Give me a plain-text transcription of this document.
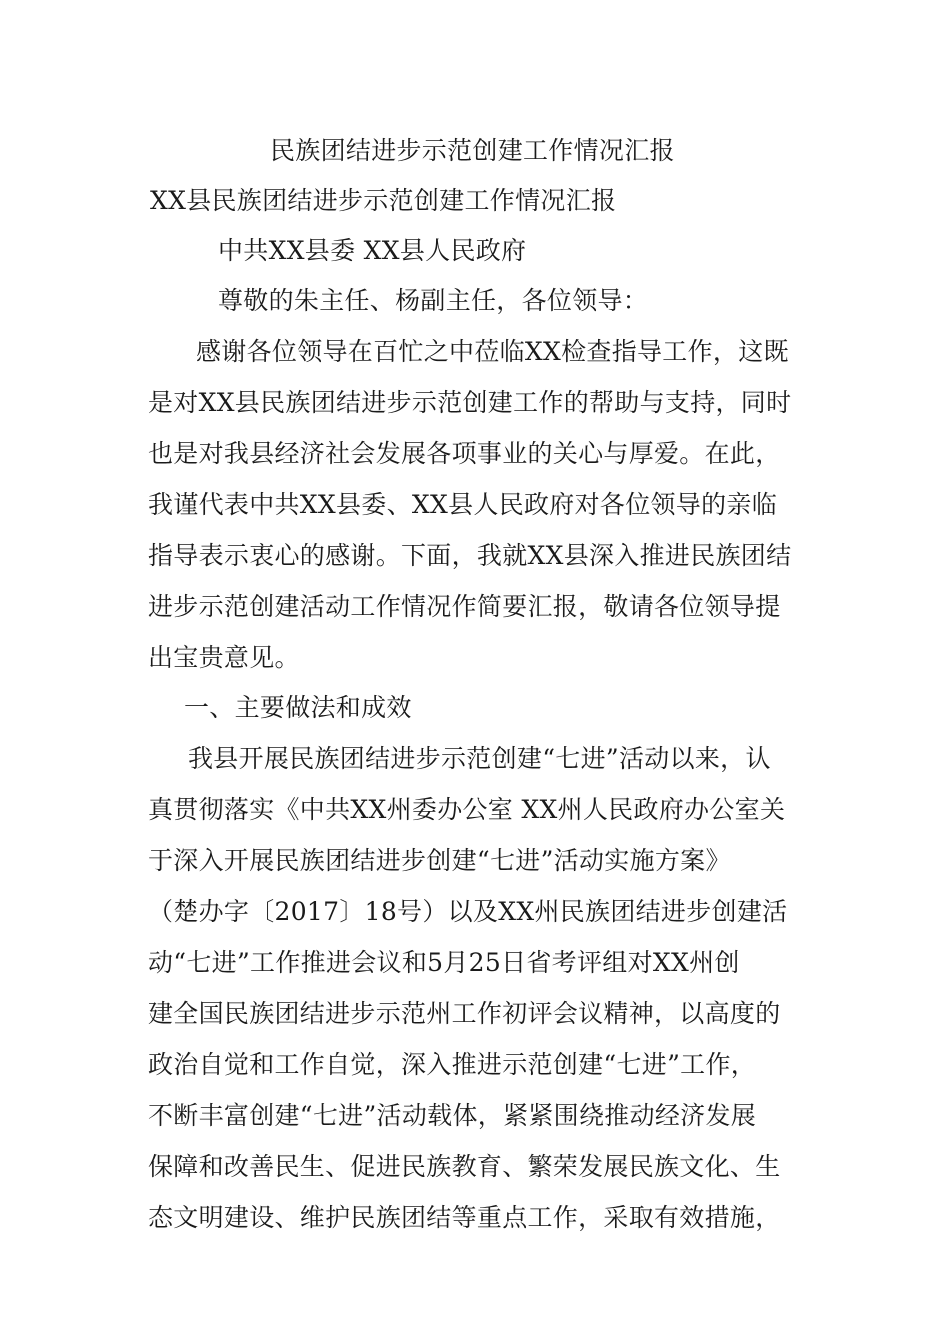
民族团结进步示范创建工作情况汇报
XX县民族团结进步示范创建工作情况汇报
中共XX县委 XX县人民政府
尊敬的朱主任、杨副主任，各位领导：
感谢各位领导在百忙之中莅临XX检查指导工作，这既
是对XX县民族团结进步示范创建工作的帮助与支持，同时
也是对我县经济社会发展各项事业的关心与厚爱。在此，
我谨代表中共XX县委、XX县人民政府对各位领导的亲临
指导表示衷心的感谢。下面，我就XX县深入推进民族团结
进步示范创建活动工作情况作简要汇报，敬请各位领导提
出宝贵意见。
一、主要做法和成效
我县开展民族团结进步示范创建“七进”活动以来，认
真贯彻落实《中共XX州委办公室 XX州人民政府办公室关
于深入开展民族团结进步创建“七进”活动实施方案》
（楚办字〔2017〕18号）以及XX州民族团结进步创建活
动“七进”工作推进会议和5月25日省考评组对XX州创
建全国民族团结进步示范州工作初评会议精神，以高度的
政治自觉和工作自觉，深入推进示范创建“七进”工作，
不断丰富创建“七进”活动载体，紧紧围绕推动经济发展
保障和改善民生、促进民族教育、繁荣发展民族文化、生
态文明建设、维护民族团结等重点工作，采取有效措施，
